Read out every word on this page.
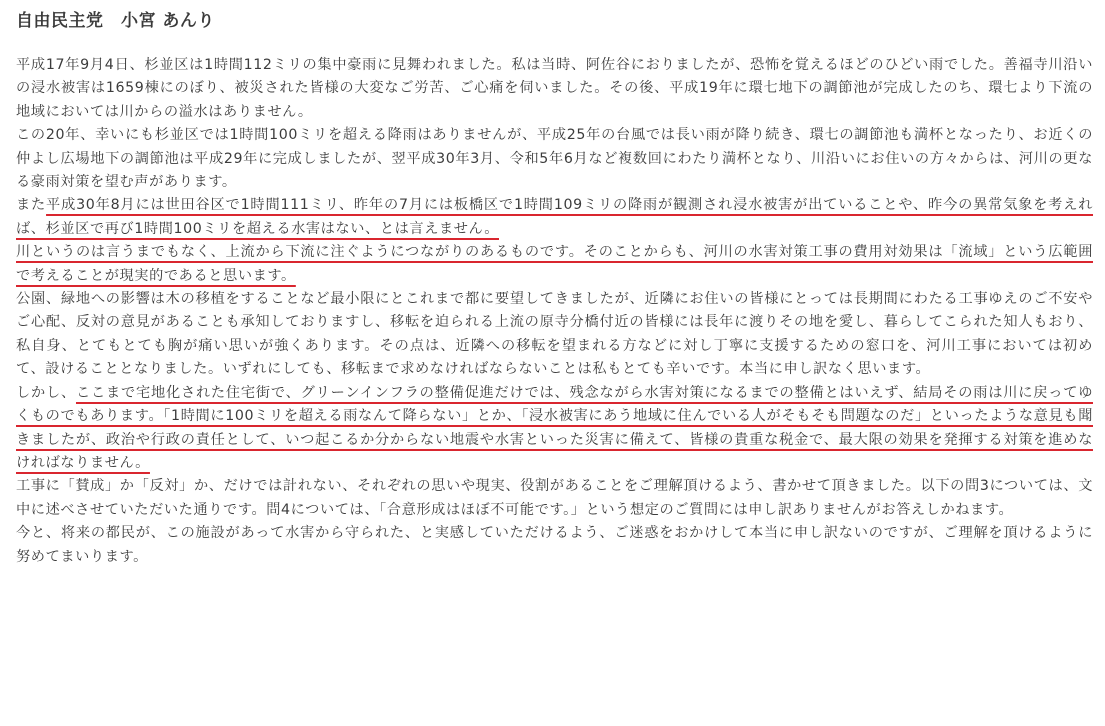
自由民主党　小宮 あんり

平成17年9月4日、杉並区は1時間112ミリの集中豪雨に見舞われました。私は当時、阿佐谷におりましたが、恐怖を覚えるほどのひどい雨でした。善福寺川沿いの浸水被害は1659棟にのぼり、被災された皆様の大変なご労苦、ご心痛を伺いました。その後、平成19年に環七地下の調節池が完成したのち、環七より下流の地域においては川からの溢水はありません。

この20年、幸いにも杉並区では1時間100ミリを超える降雨はありませんが、平成25年の台風では長い雨が降り続き、環七の調節池も満杯となったり、お近くの仲よし広場地下の調節池は平成29年に完成しましたが、翌平成30年3月、令和5年6月など複数回にわたり満杯となり、川沿いにお住いの方々からは、河川の更なる豪雨対策を望む声があります。

また平成30年8月には世田谷区で1時間111ミリ、昨年の7月には板橋区で1時間109ミリの降雨が観測され浸水被害が出ていることや、昨今の異常気象を考えれば、杉並区で再び1時間100ミリを超える水害はない、とは言えません。

川というのは言うまでもなく、上流から下流に注ぐようにつながりのあるものです。そのことからも、河川の水害対策工事の費用対効果は「流域」という広範囲で考えることが現実的であると思います。

公園、緑地への影響は木の移植をすることなど最小限にとこれまで都に要望してきましたが、近隣にお住いの皆様にとっては長期間にわたる工事ゆえのご不安やご心配、反対の意見があることも承知しておりますし、移転を迫られる上流の原寺分橋付近の皆様には長年に渡りその地を愛し、暮らしてこられた知人もおり、私自身、とてもとても胸が痛い思いが強くあります。その点は、近隣への移転を望まれる方などに対し丁寧に支援するための窓口を、河川工事においては初めて、設けることとなりました。いずれにしても、移転まで求めなければならないことは私もとても辛いです。本当に申し訳なく思います。

しかし、ここまで宅地化された住宅街で、グリーンインフラの整備促進だけでは、残念ながら水害対策になるまでの整備とはいえず、結局その雨は川に戻ってゆくものでもあります。「1時間に100ミリを超える雨なんて降らない」とか、「浸水被害にあう地域に住んでいる人がそもそも問題なのだ」といったような意見も聞きましたが、政治や行政の責任として、いつ起こるか分からない地震や水害といった災害に備えて、皆様の貴重な税金で、最大限の効果を発揮する対策を進めなければなりません。

工事に「賛成」か「反対」か、だけでは計れない、それぞれの思いや現実、役割があることをご理解頂けるよう、書かせて頂きました。以下の問3については、文中に述べさせていただいた通りです。問4については、「合意形成はほぼ不可能です。」という想定のご質問には申し訳ありませんがお答えしかねます。

今と、将来の都民が、この施設があって水害から守られた、と実感していただけるよう、ご迷惑をおかけして本当に申し訳ないのですが、ご理解を頂けるように努めてまいります。
